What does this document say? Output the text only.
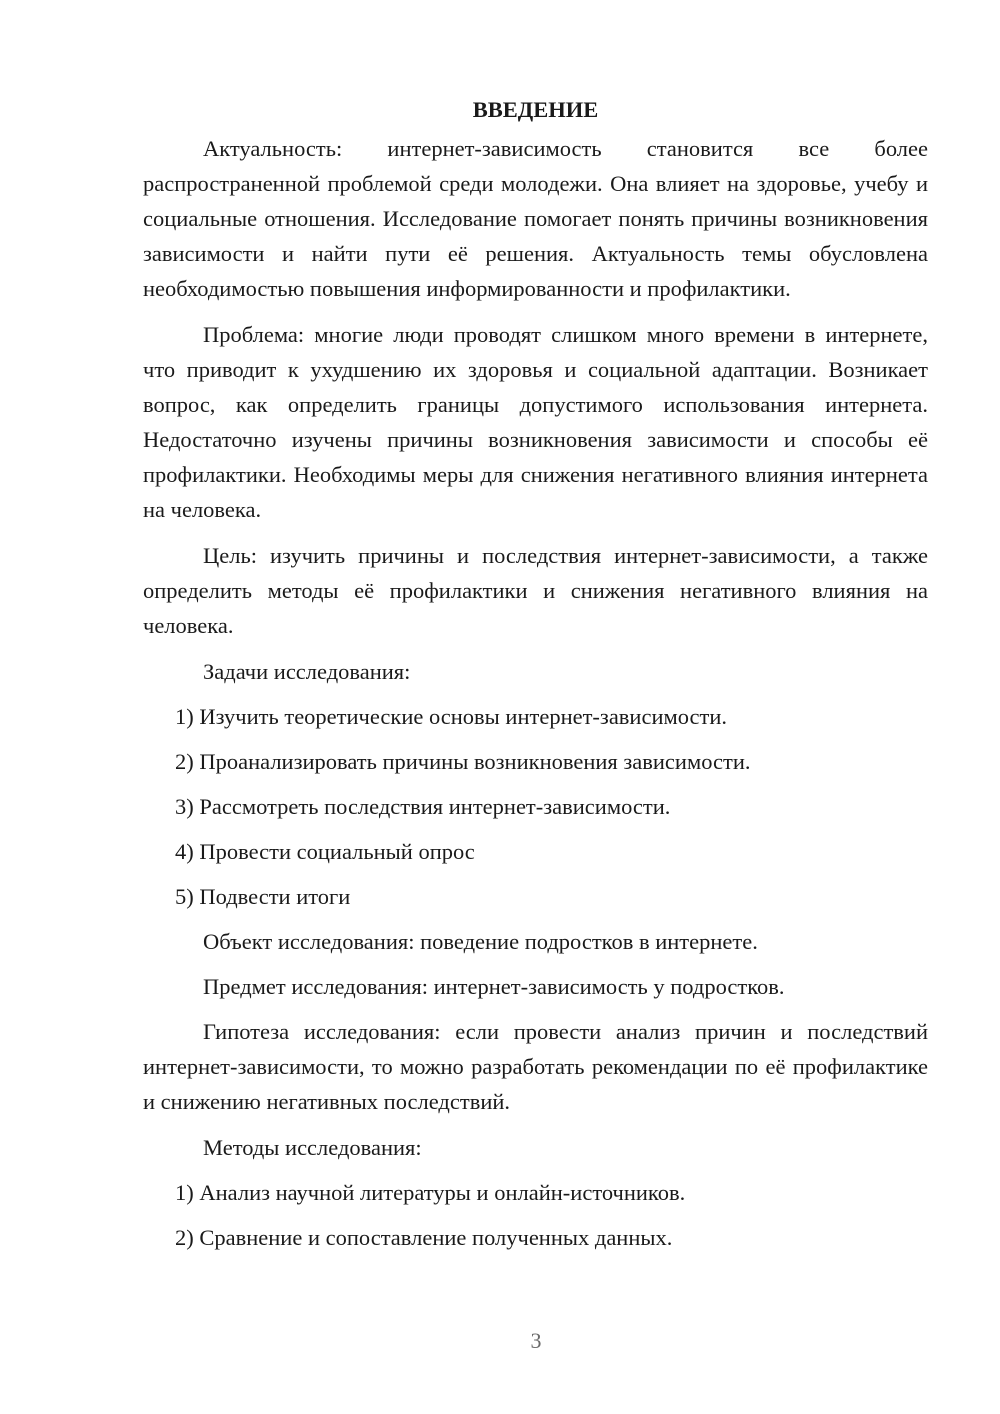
ВВЕДЕНИЕ

Актуальность: интернет-зависимость становится все более распространенной проблемой среди молодежи. Она влияет на здоровье, учебу и социальные отношения. Исследование помогает понять причины возникновения зависимости и найти пути её решения. Актуальность темы обусловлена необходимостью повышения информированности и профилактики.

Проблема: многие люди проводят слишком много времени в интернете, что приводит к ухудшению их здоровья и социальной адаптации. Возникает вопрос, как определить границы допустимого использования интернета. Недостаточно изучены причины возникновения зависимости и способы её профилактики. Необходимы меры для снижения негативного влияния интернета на человека.

Цель: изучить причины и последствия интернет-зависимости, а также определить методы её профилактики и снижения негативного влияния на человека.

Задачи исследования:
1) Изучить теоретические основы интернет-зависимости.
2) Проанализировать причины возникновения зависимости.
3) Рассмотреть последствия интернет-зависимости.
4) Провести социальный опрос
5) Подвести итоги
Объект исследования: поведение подростков в интернете.
Предмет исследования: интернет-зависимость у подростков.

Гипотеза исследования: если провести анализ причин и последствий интернет-зависимости, то можно разработать рекомендации по её профилактике и снижению негативных последствий.

Методы исследования:
1) Анализ научной литературы и онлайн-источников.
2) Сравнение и сопоставление полученных данных.
3
